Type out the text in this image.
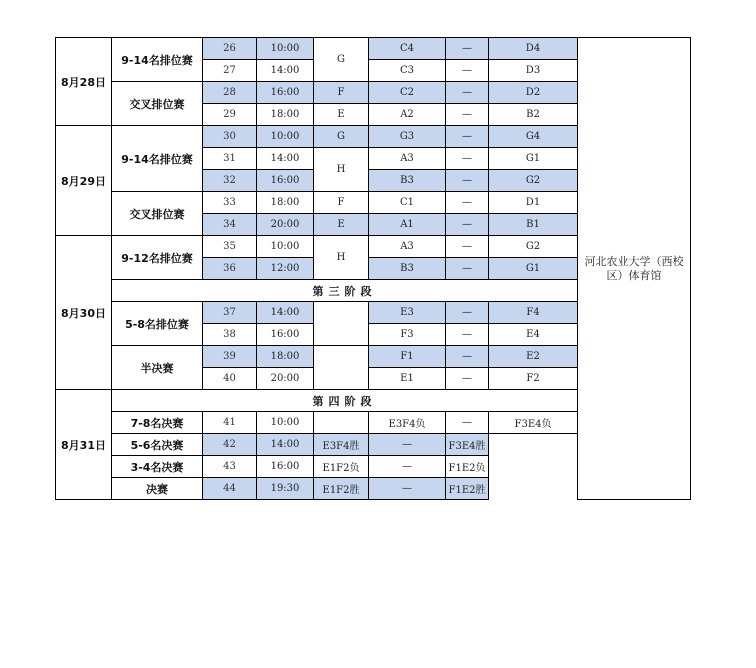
8月28日	9-14名排位赛	26	10:00	G	C4	—	D4	河北农业大学（西校区）体育馆
		27	14:00		C3	—	D3	
	交叉排位赛	28	16:00	F	C2	—	D2	
		29	18:00	E	A2	—	B2	
8月29日	9-14名排位赛	30	10:00	G	G3	—	G4	
		31	14:00	H	A3	—	G1	
		32	16:00		B3	—	G2	
	交叉排位赛	33	18:00	F	C1	—	D1	
		34	20:00	E	A1	—	B1	
8月30日	9-12名排位赛	35	10:00	H	A3	—	G2	
		36	12:00		B3	—	G1	
	第三阶段							
	5-8名排位赛	37	14:00		E3	—	F4	
		38	16:00		F3	—	E4	
	半决赛	39	18:00		F1	—	E2	
		40	20:00		E1	—	F2	
8月31日	第四阶段							
	7-8名决赛	41	10:00		E3F4负	—	F3E4负	
	5-6名决赛	42	14:00	E3F4胜	—	F3E4胜		
	3-4名决赛	43	16:00	E1F2负	—	F1E2负		
	决赛	44	19:30	E1F2胜	—	F1E2胜		
